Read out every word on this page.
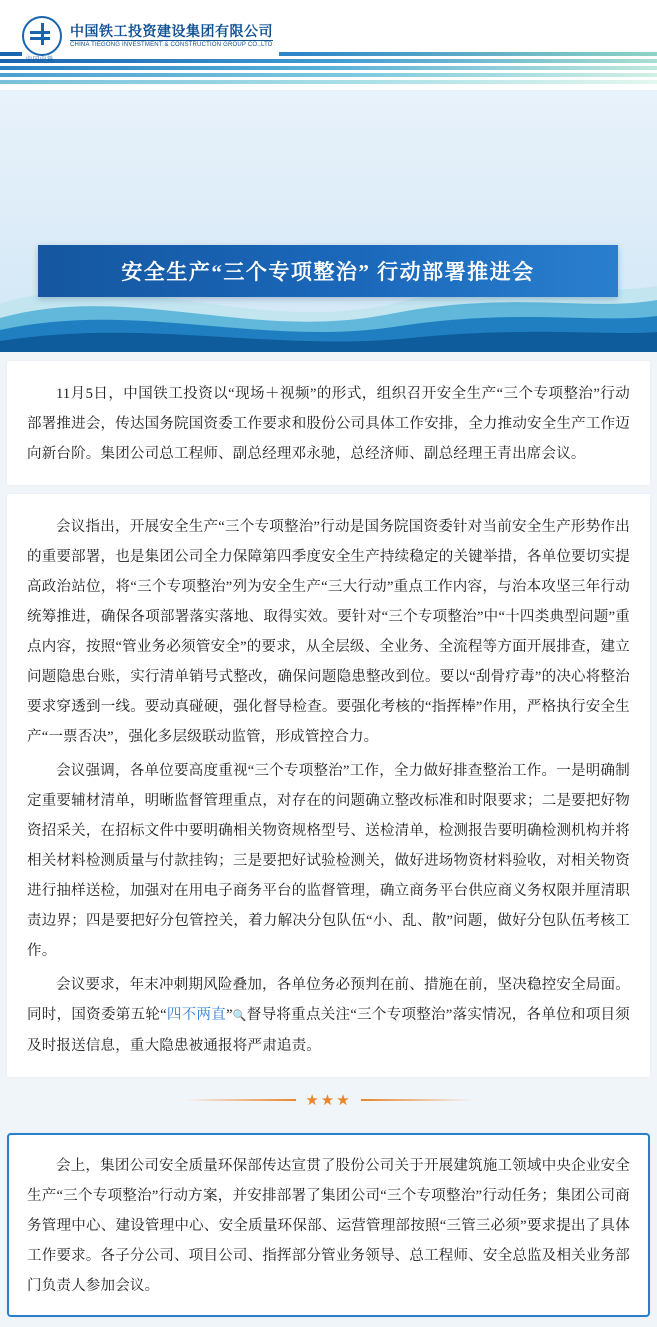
中国铁工投资建设集团有限公司
CHINA TIEGONG INVESTMENT & CONSTRUCTION GROUP CO.,LTD
中国中铁
安全生产“三个专项整治” 行动部署推进会

11月5日，中国铁工投资以“现场＋视频”的形式，组织召开安全生产“三个专项整治”行动部署推进会，传达国务院国资委工作要求和股份公司具体工作安排，全力推动安全生产工作迈向新台阶。集团公司总工程师、副总经理邓永驰，总经济师、副总经理王青出席会议。

会议指出，开展安全生产“三个专项整治”行动是国务院国资委针对当前安全生产形势作出的重要部署，也是集团公司全力保障第四季度安全生产持续稳定的关键举措，各单位要切实提高政治站位，将“三个专项整治”列为安全生产“三大行动”重点工作内容，与治本攻坚三年行动统筹推进，确保各项部署落实落地、取得实效。要针对“三个专项整治”中“十四类典型问题”重点内容，按照“管业务必须管安全”的要求，从全层级、全业务、全流程等方面开展排查，建立问题隐患台账，实行清单销号式整改，确保问题隐患整改到位。要以“刮骨疗毒”的决心将整治要求穿透到一线。要动真碰硬，强化督导检查。要强化考核的“指挥棒”作用，严格执行安全生产“一票否决”，强化多层级联动监管，形成管控合力。

会议强调，各单位要高度重视“三个专项整治”工作，全力做好排查整治工作。一是明确制定重要辅材清单，明晰监督管理重点，对存在的问题确立整改标准和时限要求；二是要把好物资招采关，在招标文件中要明确相关物资规格型号、送检清单，检测报告要明确检测机构并将相关材料检测质量与付款挂钩；三是要把好试验检测关，做好进场物资材料验收，对相关物资进行抽样送检，加强对在用电子商务平台的监督管理，确立商务平台供应商义务权限并厘清职责边界；四是要把好分包管控关，着力解决分包队伍“小、乱、散”问题，做好分包队伍考核工作。

会议要求，年末冲刺期风险叠加，各单位务必预判在前、措施在前，坚决稳控安全局面。同时，国资委第五轮“四不两直”🔍督导将重点关注“三个专项整治”落实情况，各单位和项目须及时报送信息，重大隐患被通报将严肃追责。

★★★

会上，集团公司安全质量环保部传达宣贯了股份公司关于开展建筑施工领域中央企业安全生产“三个专项整治”行动方案，并安排部署了集团公司“三个专项整治”行动任务；集团公司商务管理中心、建设管理中心、安全质量环保部、运营管理部按照“三管三必须”要求提出了具体工作要求。各子分公司、项目公司、指挥部分管业务领导、总工程师、安全总监及相关业务部门负责人参加会议。
